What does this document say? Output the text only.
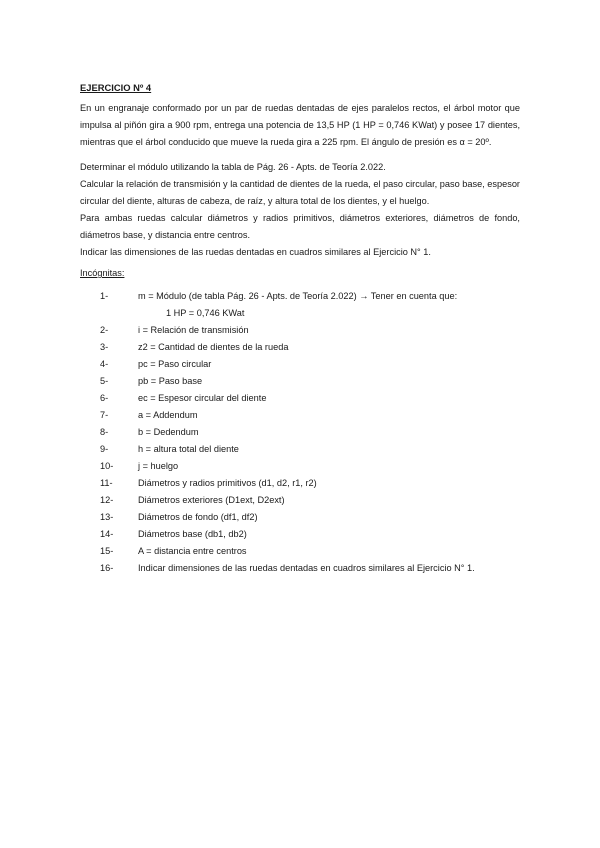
EJERCICIO Nº 4

En un engranaje conformado por un par de ruedas dentadas de ejes paralelos rectos, el árbol motor que impulsa al piñón gira a 900 rpm, entrega una potencia de 13,5 HP (1 HP = 0,746 KWat) y posee 17 dientes, mientras que el árbol conducido que mueve la rueda gira a 225 rpm. El ángulo de presión es α = 20º.

Determinar el módulo utilizando la tabla de Pág. 26 - Apts. de Teoría 2.022.

Calcular la relación de transmisión y la cantidad de dientes de la rueda, el paso circular, paso base, espesor circular del diente, alturas de cabeza, de raíz, y altura total de los dientes, y el huelgo.

Para ambas ruedas calcular diámetros y radios primitivos, diámetros exteriores, diámetros de fondo, diámetros base, y distancia entre centros.

Indicar las dimensiones de las ruedas dentadas en cuadros similares al Ejercicio N° 1.

Incógnitas:
1-	m = Módulo (de tabla Pág. 26 - Apts. de Teoría 2.022) → Tener en cuenta que:
1 HP = 0,746 KWat
2-	i = Relación de transmisión
3-	z2 = Cantidad de dientes de la rueda
4-	pc = Paso circular
5-	pb = Paso base
6-	ec = Espesor circular del diente
7-	a = Addendum
8-	b = Dedendum
9-	h = altura total del diente
10-	j = huelgo
11-	Diámetros y radios primitivos (d1, d2, r1, r2)
12-	Diámetros exteriores (D1ext, D2ext)
13-	Diámetros de fondo (df1, df2)
14-	Diámetros base (db1, db2)
15-	A = distancia entre centros
16-	Indicar dimensiones de las ruedas dentadas en cuadros similares al Ejercicio N° 1.
